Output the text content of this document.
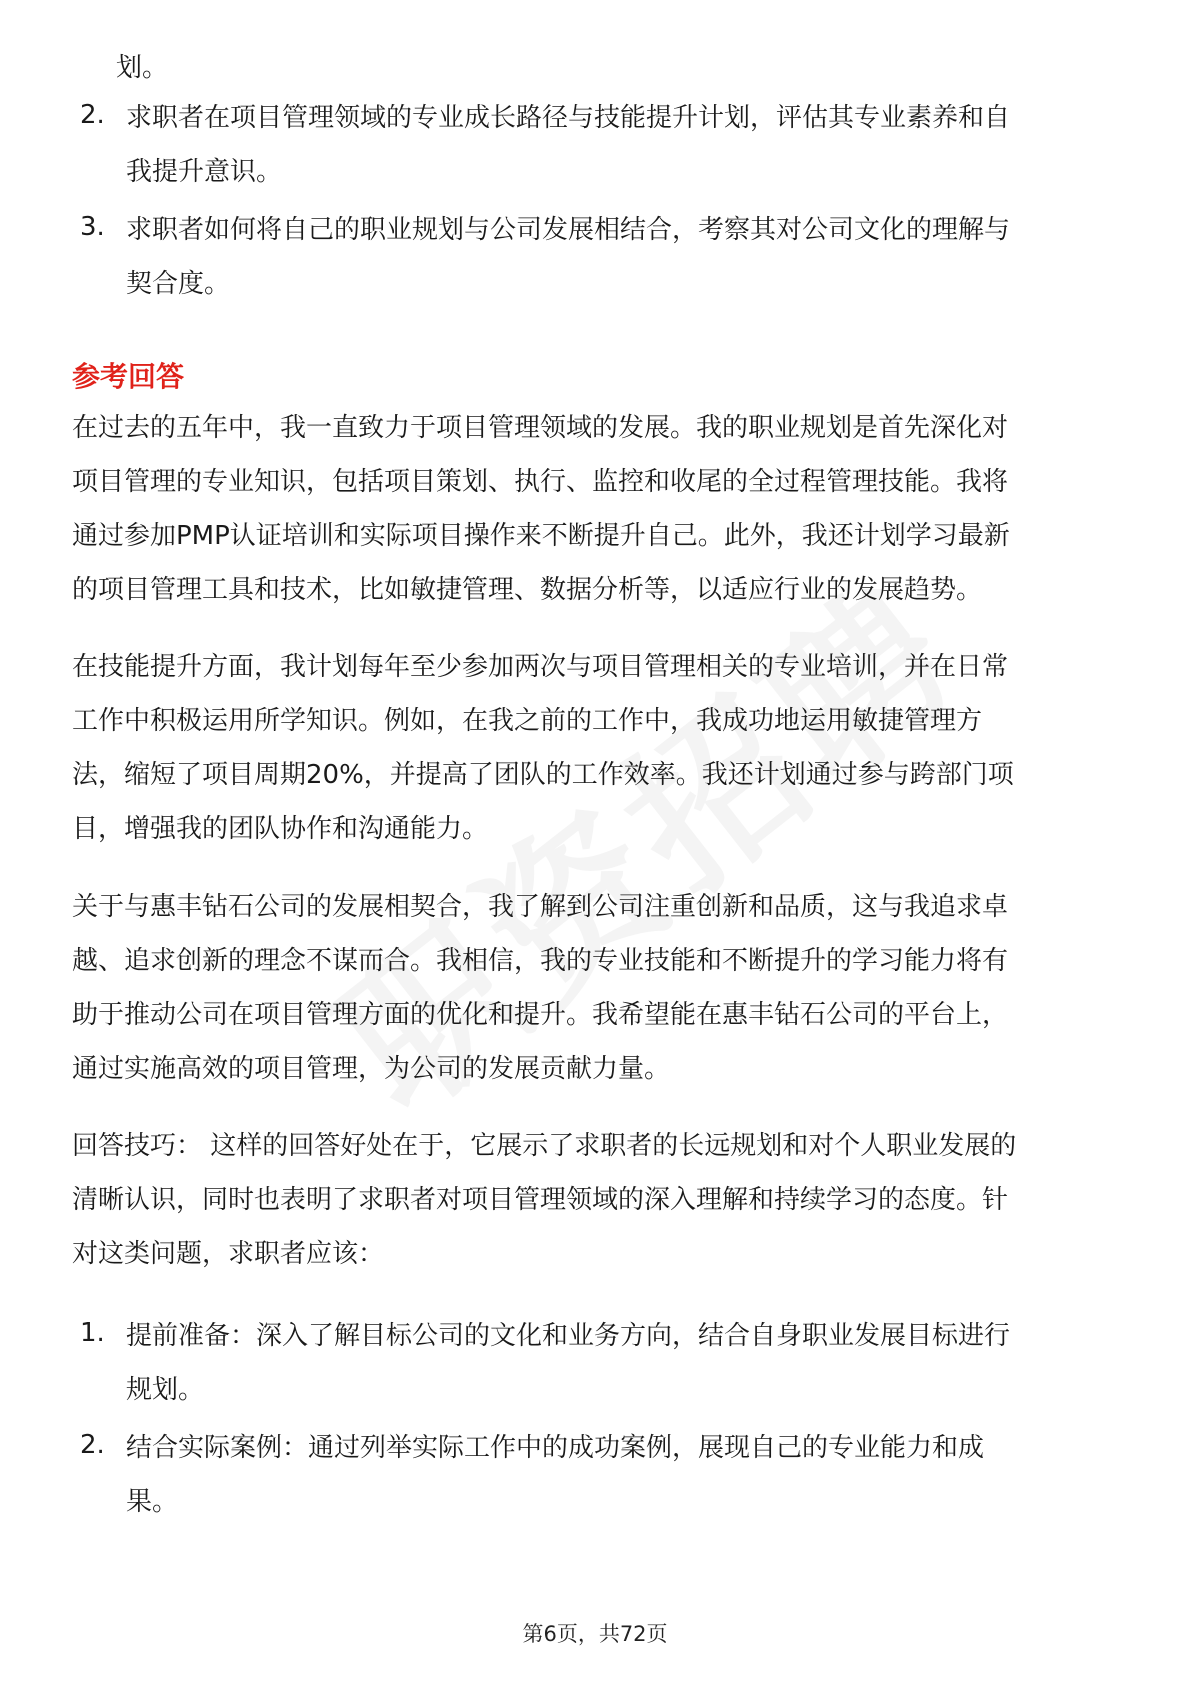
划。
2. 求职者在项目管理领域的专业成长路径与技能提升计划，评估其专业素养和自
我提升意识。
3. 求职者如何将自己的职业规划与公司发展相结合，考察其对公司文化的理解与
契合度。
参考回答
在过去的五年中，我一直致力于项目管理领域的发展。我的职业规划是首先深化对
项目管理的专业知识，包括项目策划、执行、监控和收尾的全过程管理技能。我将
通过参加PMP认证培训和实际项目操作来不断提升自己。此外，我还计划学习最新
的项目管理工具和技术，比如敏捷管理、数据分析等，以适应行业的发展趋势。
在技能提升方面，我计划每年至少参加两次与项目管理相关的专业培训，并在日常
工作中积极运用所学知识。例如，在我之前的工作中，我成功地运用敏捷管理方
法，缩短了项目周期20%，并提高了团队的工作效率。我还计划通过参与跨部门项
目，增强我的团队协作和沟通能力。
关于与惠丰钻石公司的发展相契合，我了解到公司注重创新和品质，这与我追求卓
越、追求创新的理念不谋而合。我相信，我的专业技能和不断提升的学习能力将有
助于推动公司在项目管理方面的优化和提升。我希望能在惠丰钻石公司的平台上，
通过实施高效的项目管理，为公司的发展贡献力量。
回答技巧： 这样的回答好处在于，它展示了求职者的长远规划和对个人职业发展的
清晰认识，同时也表明了求职者对项目管理领域的深入理解和持续学习的态度。针
对这类问题，求职者应该：
1. 提前准备：深入了解目标公司的文化和业务方向，结合自身职业发展目标进行
规划。
2. 结合实际案例：通过列举实际工作中的成功案例，展现自己的专业能力和成
果。
第6页，共72页
